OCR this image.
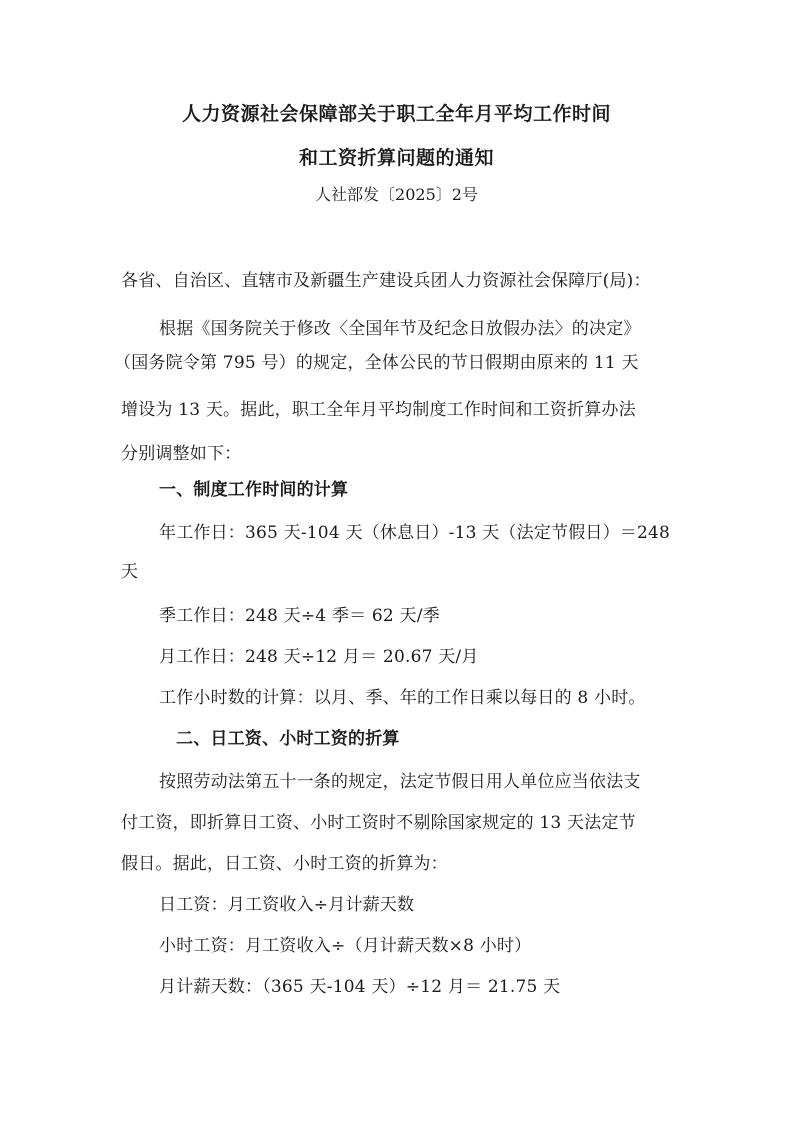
人力资源社会保障部关于职工全年月平均工作时间
和工资折算问题的通知
人社部发〔2025〕2号
各省、自治区、直辖市及新疆生产建设兵团人力资源社会保障厅(局)：
根据《国务院关于修改〈全国年节及纪念日放假办法〉的决定》
（国务院令第 795 号）的规定，全体公民的节日假期由原来的 11 天
增设为 13 天。据此，职工全年月平均制度工作时间和工资折算办法
分别调整如下：
一、制度工作时间的计算
年工作日：365 天-104 天（休息日）-13 天（法定节假日）＝248
天
季工作日：248 天÷4 季＝ 62 天/季
月工作日：248 天÷12 月＝ 20.67 天/月
工作小时数的计算：以月、季、年的工作日乘以每日的 8 小时。
二、日工资、小时工资的折算
按照劳动法第五十一条的规定，法定节假日用人单位应当依法支
付工资，即折算日工资、小时工资时不剔除国家规定的 13 天法定节
假日。据此，日工资、小时工资的折算为：
日工资：月工资收入÷月计薪天数
小时工资：月工资收入÷（月计薪天数×8 小时）
月计薪天数：（365 天-104 天）÷12 月＝ 21.75 天
